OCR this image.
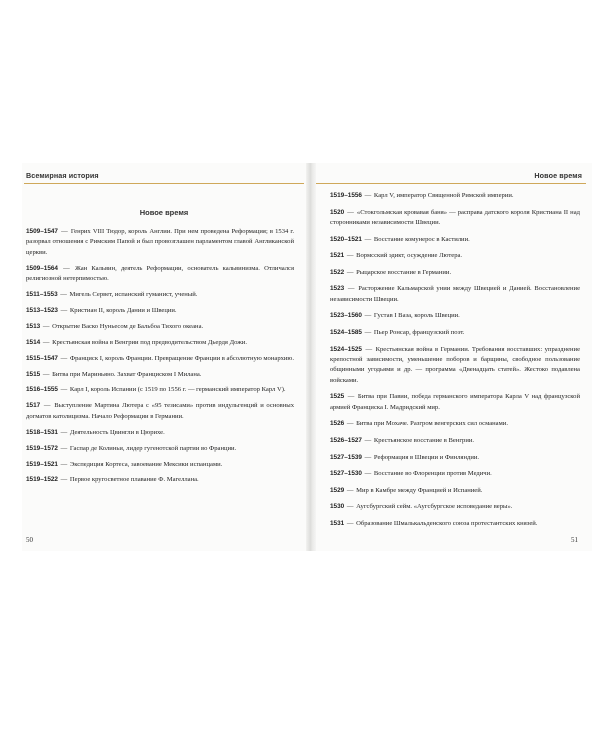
Всемирная история
Новое время
1509–1547 — Генрих VIII Тюдор, король Англии. При нем проведена Реформация; в 1534 г. разорвал отношения с Римским Папой и был провозглашен парламентом главой Англиканской церкви.
1509–1564 — Жан Кальвин, деятель Реформации, основатель кальвинизма. Отличался религиозной нетерпимостью.
1511–1553 — Мигель Сервет, испанский гуманист, ученый.
1513–1523 — Кристиан II, король Дании и Швеции.
1513 — Открытие Васко Нуньесом де Бальбоа Тихого океана.
1514 — Крестьянская война в Венгрии под предводительством Дьердя Дожи.
1515–1547 — Франциск I, король Франции. Превращение Франции в абсолютную монархию.
1515 — Битва при Мариньяно. Захват Франциском I Милана.
1516–1555 — Карл I, король Испании (с 1519 по 1556 г. — германский император Карл V).
1517 — Выступление Мартина Лютера с «95 тезисами» против индульгенций и основных догматов католицизма. Начало Реформации в Германии.
1518–1531 — Деятельность Цвингли в Цюрихе.
1519–1572 — Гаспар де Колиньи, лидер гугенотской партии во Франции.
1519–1521 — Экспедиция Кортеса, завоевание Мексики испанцами.
1519–1522 — Первое кругосветное плавание Ф. Магеллана.
50
Новое время
1519–1556 — Карл V, император Священной Римской империи.
1520 — «Стокгольмская кровавая баня» — расправа датского короля Кристиана II над сторонниками независимости Швеции.
1520–1521 — Восстание комунерос в Кастилии.
1521 — Вормсский эдикт, осуждение Лютера.
1522 — Рыцарское восстание в Германии.
1523 — Расторжение Кальмарской унии между Швецией и Данией. Восстановление независимости Швеции.
1523–1560 — Густав I Ваза, король Швеции.
1524–1585 — Пьер Ронсар, французский поэт.
1524–1525 — Крестьянская война в Германии. Требования восставших: упразднение крепостной зависимости, уменьшение поборов и барщины, свободное пользование общинными угодьями и др. — программа «Двенадцать статей». Жестоко подавлена войсками.
1525 — Битва при Павии, победа германского императора Карла V над французской армией Франциска I. Мадридский мир.
1526 — Битва при Мохаче. Разгром венгерских сил османами.
1526–1527 — Крестьянское восстание в Венгрии.
1527–1539 — Реформация в Швеции и Финляндии.
1527–1530 — Восстание во Флоренции против Медичи.
1529 — Мир в Камбре между Францией и Испанией.
1530 — Аугсбургский сейм. «Аугсбургское исповедание веры».
1531 — Образование Шмалькальденского союза протестантских князей.
51
